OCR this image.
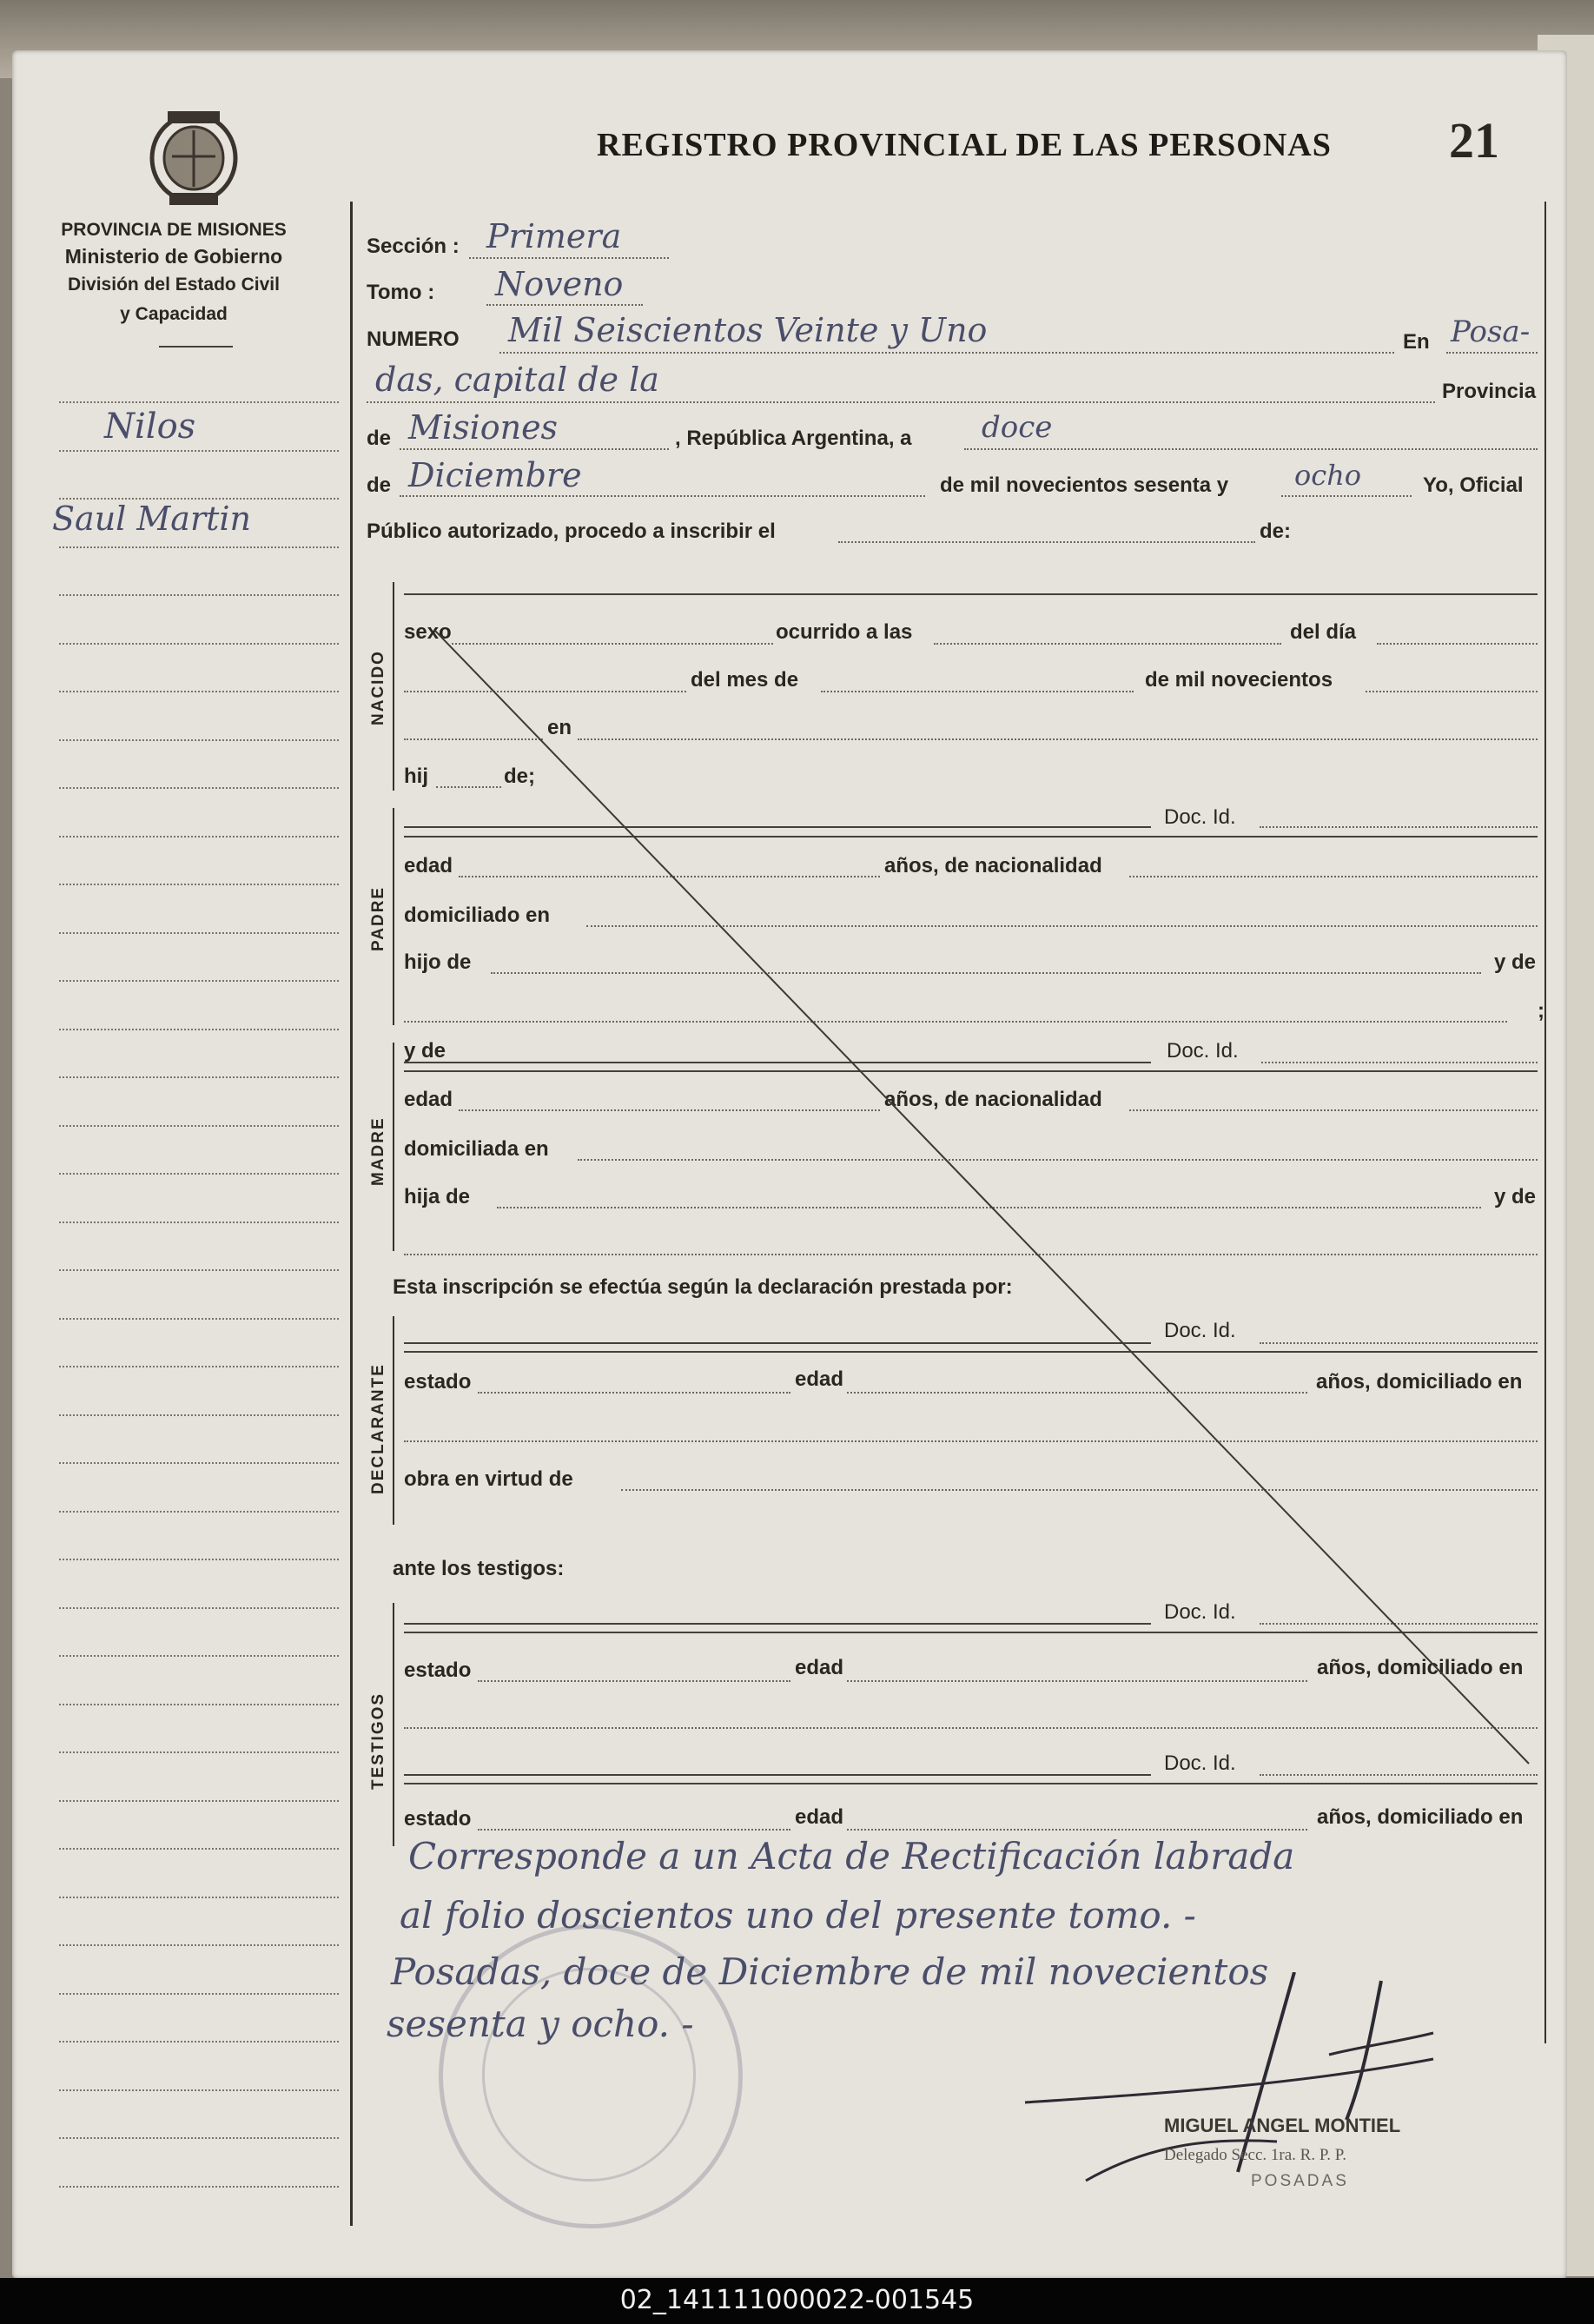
PROVINCIA DE MISIONES
Ministerio de Gobierno
División del Estado Civil
y Capacidad
REGISTRO PROVINCIAL DE LAS PERSONAS 21
Nilos
Saul Martin
Sección : Primera
Tomo : Noveno
NUMERO Mil Seiscientos Veinte y Uno	En Posa-
das, capital de la	Provincia
de Misiones	, República Argentina, a doce
de Diciembre	de mil novecientos sesenta y ocho	Yo, Oficial
Público autorizado, procedo a inscribir el	de:
NACIDO
sexo	ocurrido a las	del día
del mes de	de mil novecientos
en
hij	de;
PADRE
Doc. Id.
edad	años, de nacionalidad
domiciliado en
hijo de	y de
;
MADRE
y de	Doc. Id.
edad	años, de nacionalidad
domiciliada en
hija de	y de
Esta inscripción se efectúa según la declaración prestada por:
DECLARANTE
Doc. Id.
estado	edad	años, domiciliado en
obra en virtud de
ante los testigos:
TESTIGOS
Doc. Id.
estado	edad	años, domiciliado en
Doc. Id.
estado	edad	años, domiciliado en
Corresponde a un Acta de Rectificación labrada
al folio doscientos uno del presente tomo. -
Posadas, doce de Diciembre de mil novecientos
sesenta y ocho. -
MIGUEL ANGEL MONTIEL
Delegado Secc. 1ra. R. P. P.
POSADAS
02_141111000022-001545
